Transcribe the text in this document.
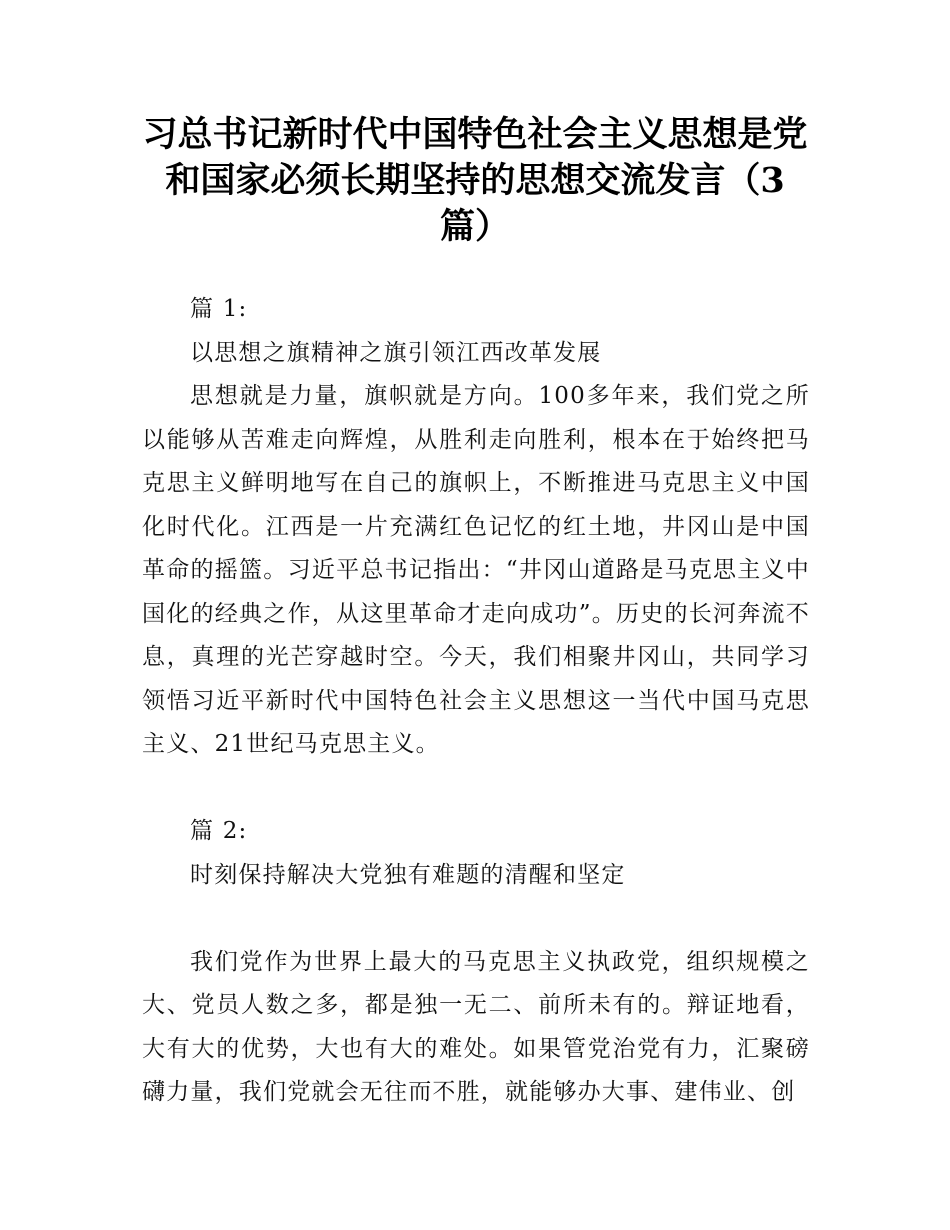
习总书记新时代中国特色社会主义思想是党和国家必须长期坚持的思想交流发言（3篇）

篇 1:

以思想之旗精神之旗引领江西改革发展

思想就是力量，旗帜就是方向。100多年来，我们党之所以能够从苦难走向辉煌，从胜利走向胜利，根本在于始终把马克思主义鲜明地写在自己的旗帜上，不断推进马克思主义中国化时代化。江西是一片充满红色记忆的红土地，井冈山是中国革命的摇篮。习近平总书记指出：“井冈山道路是马克思主义中国化的经典之作，从这里革命才走向成功”。历史的长河奔流不息，真理的光芒穿越时空。今天，我们相聚井冈山，共同学习领悟习近平新时代中国特色社会主义思想这一当代中国马克思主义、21世纪马克思主义。

篇 2:

时刻保持解决大党独有难题的清醒和坚定

我们党作为世界上最大的马克思主义执政党，组织规模之大、党员人数之多，都是独一无二、前所未有的。辩证地看，大有大的优势，大也有大的难处。如果管党治党有力，汇聚磅礴力量，我们党就会无往而不胜，就能够办大事、建伟业、创
